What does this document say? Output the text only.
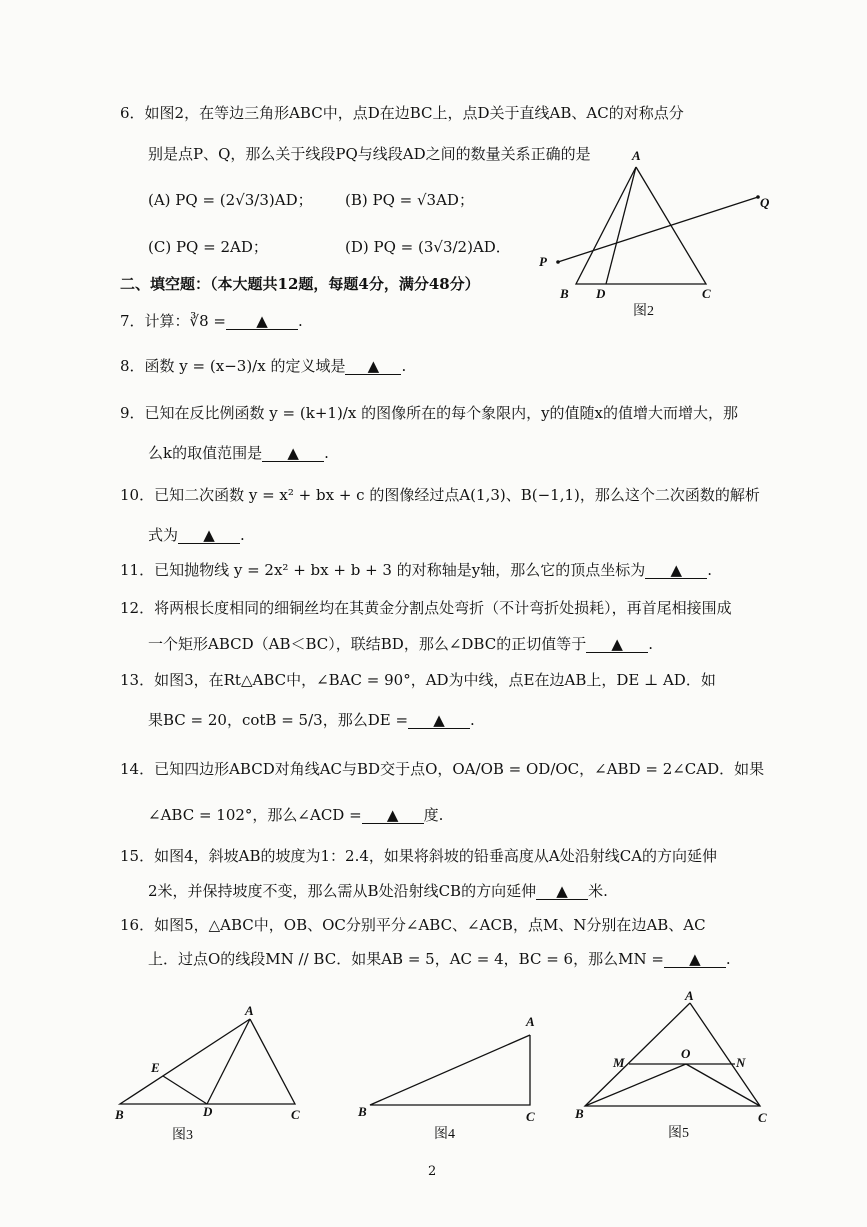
6．如图2，在等边三角形ABC中，点D在边BC上，点D关于直线AB、AC的对称点分
别是点P、Q，那么关于线段PQ与线段AD之间的数量关系正确的是
(A) PQ = (2√3/3)AD； (B) PQ = √3AD；
(C) PQ = 2AD；	(D) PQ = (3√3/2)AD．
A
B	C
D
P
Q
图2
二、填空题：（本大题共12题，每题4分，满分48分）
7．计算：∛8 = ▲ .
8．函数 y = (x−3)/x 的定义域是 ▲ .
9．已知在反比例函数 y = (k+1)/x 的图像所在的每个象限内，y的值随x的值增大而增大，那
么k的取值范围是 ▲ .
10．已知二次函数 y = x² + bx + c 的图像经过点A(1,3)、B(−1,1)，那么这个二次函数的解析
式为 ▲ .
11．已知抛物线 y = 2x² + bx + b + 3 的对称轴是y轴，那么它的顶点坐标为 ▲ .
12．将两根长度相同的细铜丝均在其黄金分割点处弯折（不计弯折处损耗），再首尾相接围成
一个矩形ABCD（AB＜BC），联结BD，那么∠DBC的正切值等于 ▲ .
13．如图3，在Rt△ABC中，∠BAC = 90°，AD为中线，点E在边AB上，DE ⊥ AD．如
果BC = 20，cotB = 5/3，那么DE = ▲ .
14．已知四边形ABCD对角线AC与BD交于点O，OA/OB = OD/OC，∠ABD = 2∠CAD．如果
∠ABC = 102°，那么∠ACD = ▲ 度.
15．如图4，斜坡AB的坡度为1：2.4，如果将斜坡的铅垂高度从A处沿射线CA的方向延伸
2米，并保持坡度不变，那么需从B处沿射线CB的方向延伸 ▲ 米.
16．如图5，△ABC中，OB、OC分别平分∠ABC、∠ACB，点M、N分别在边AB、AC
上．过点O的线段MN // BC．如果AB = 5，AC = 4，BC = 6，那么MN = ▲ .
A
B	C
D
E
图3
A
B	C
图4
A
B	C
M	N
O
图5
2
